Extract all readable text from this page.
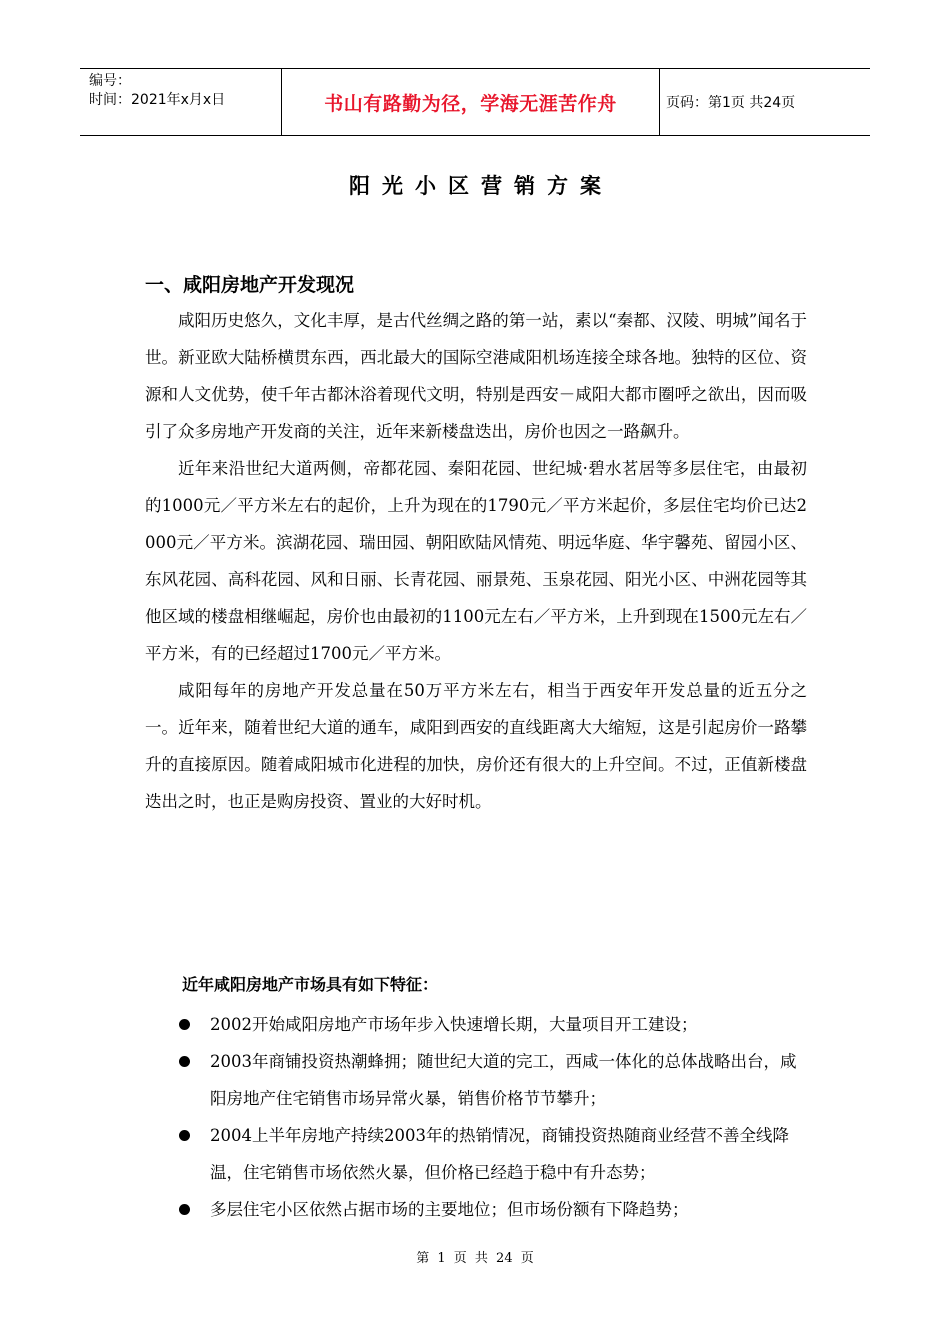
编号：
时间：2021年x月x日	书山有路勤为径，学海无涯苦作舟	页码：第1页 共24页
阳光小区营销方案
一、咸阳房地产开发现况

咸阳历史悠久，文化丰厚，是古代丝绸之路的第一站，素以“秦都、汉陵、明城”闻名于世。新亚欧大陆桥横贯东西，西北最大的国际空港咸阳机场连接全球各地。独特的区位、资源和人文优势，使千年古都沐浴着现代文明，特别是西安－咸阳大都市圈呼之欲出，因而吸引了众多房地产开发商的关注，近年来新楼盘迭出，房价也因之一路飙升。

近年来沿世纪大道两侧，帝都花园、秦阳花园、世纪城·碧水茗居等多层住宅，由最初的1000元／平方米左右的起价，上升为现在的1790元／平方米起价，多层住宅均价已达2000元／平方米。滨湖花园、瑞田园、朝阳欧陆风情苑、明远华庭、华宇馨苑、留园小区、东风花园、高科花园、风和日丽、长青花园、丽景苑、玉泉花园、阳光小区、中洲花园等其他区域的楼盘相继崛起，房价也由最初的1100元左右／平方米，上升到现在1500元左右／平方米，有的已经超过1700元／平方米。

咸阳每年的房地产开发总量在50万平方米左右，相当于西安年开发总量的近五分之一。近年来，随着世纪大道的通车，咸阳到西安的直线距离大大缩短，这是引起房价一路攀升的直接原因。随着咸阳城市化进程的加快，房价还有很大的上升空间。不过，正值新楼盘迭出之时，也正是购房投资、置业的大好时机。

近年咸阳房地产市场具有如下特征：
2002开始咸阳房地产市场年步入快速增长期，大量项目开工建设；
2003年商铺投资热潮蜂拥；随世纪大道的完工，西咸一体化的总体战略出台，咸阳房地产住宅销售市场异常火暴，销售价格节节攀升；
2004上半年房地产持续2003年的热销情况，商铺投资热随商业经营不善全线降温，住宅销售市场依然火暴，但价格已经趋于稳中有升态势；
多层住宅小区依然占据市场的主要地位；但市场份额有下降趋势；
第 1 页 共 24 页
